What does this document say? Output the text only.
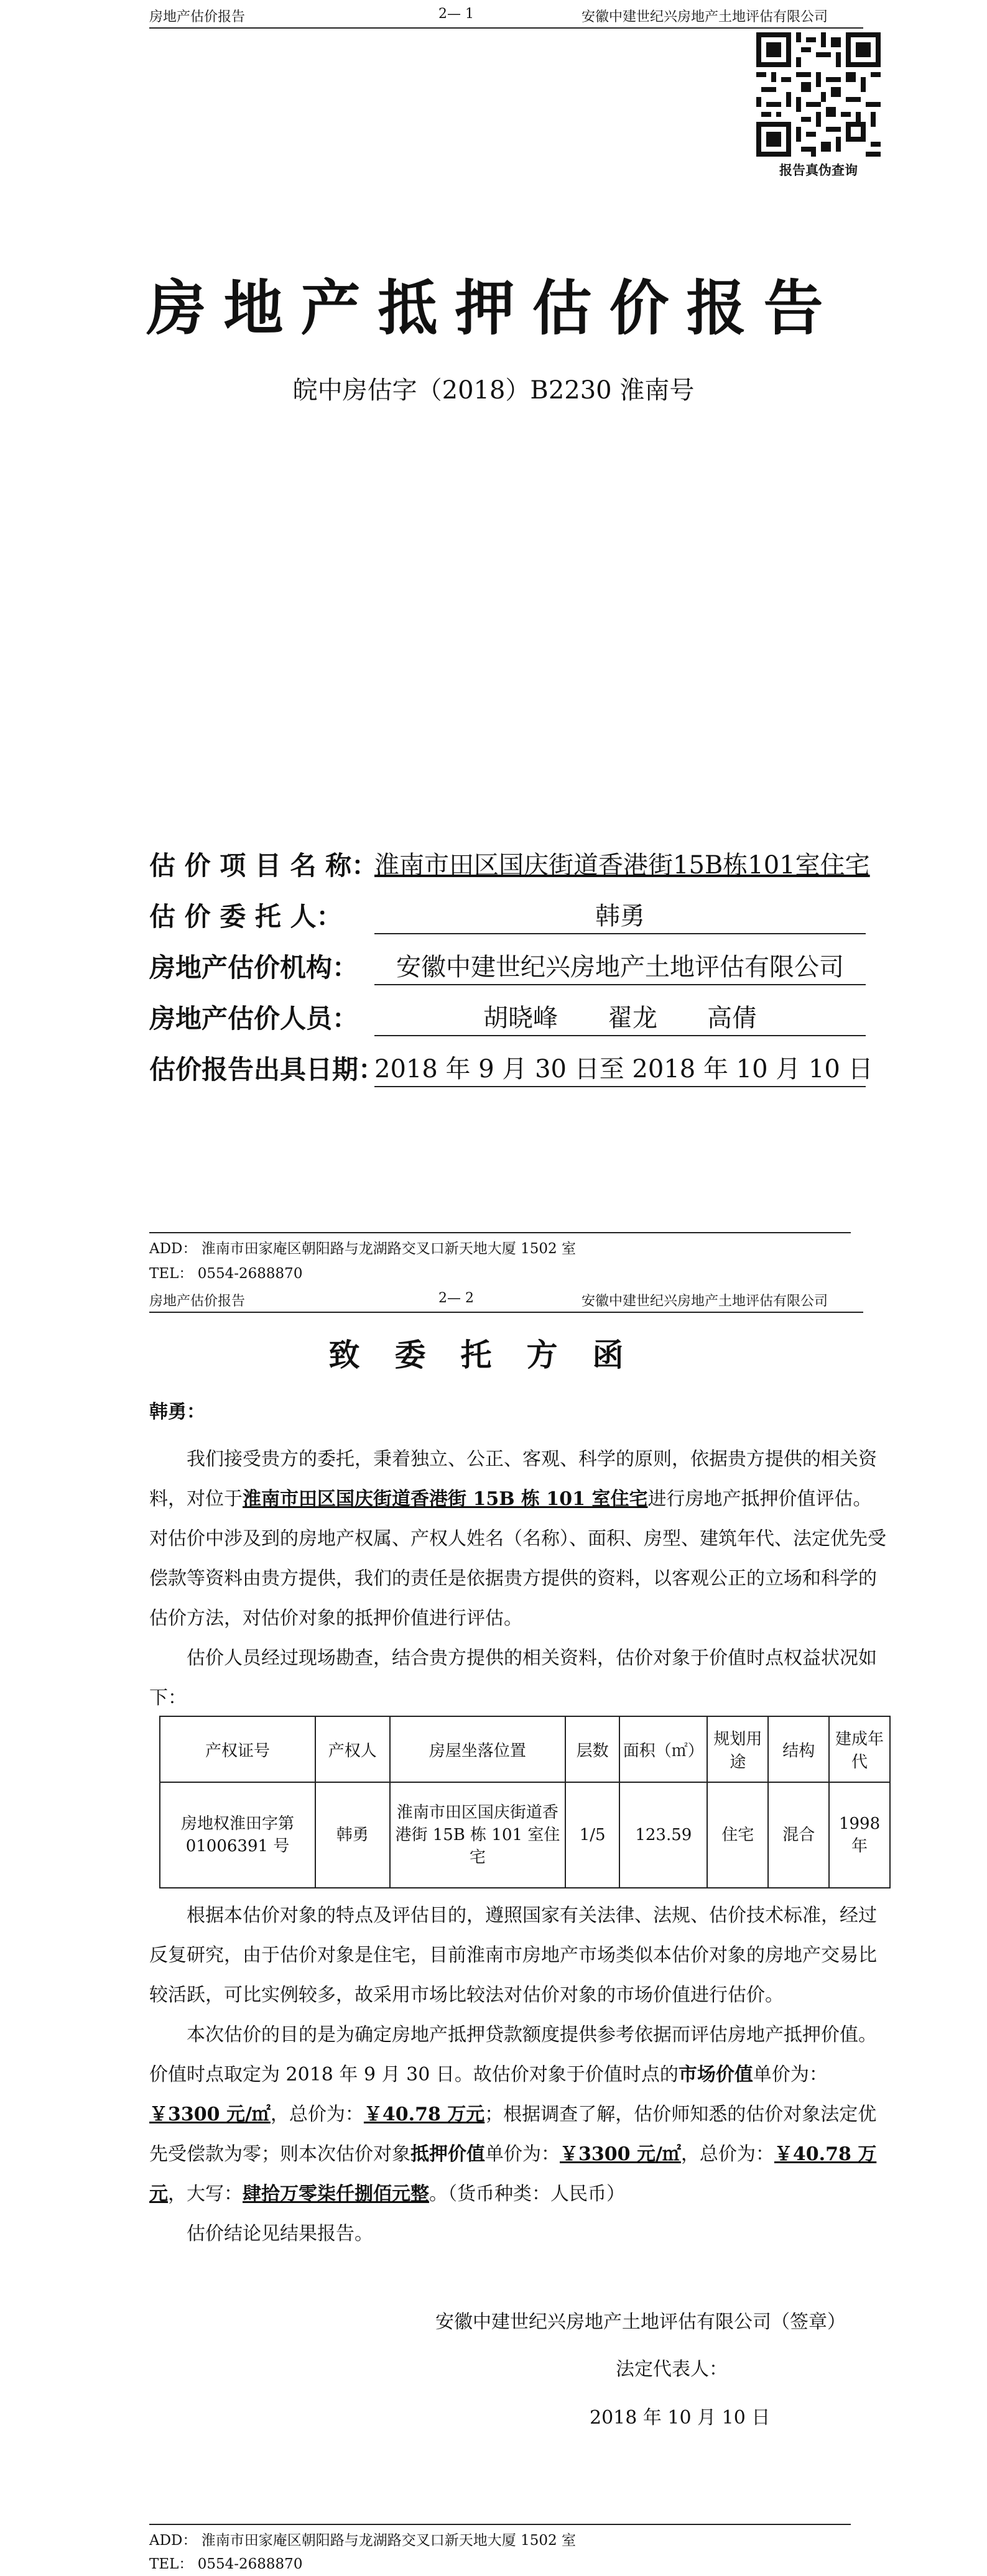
房地产估价报告	2— 1	安徽中建世纪兴房地产土地评估有限公司
报告真伪查询
房地产抵押估价报告
皖中房估字（2018）B2230 淮南号
估 价 项 目 名 称：
淮南市田区国庆街道香港街15B栋101室住宅
估 价 委 托 人：	韩勇
房地产估价机构：	安徽中建世纪兴房地产土地评估有限公司
房地产估价人员：	胡晓峰　　翟龙　　高倩
估价报告出具日期：
2018 年 9 月 30 日至 2018 年 10 月 10 日
ADD： 淮南市田家庵区朝阳路与龙湖路交叉口新天地大厦 1502 室
TEL： 0554-2688870
房地产估价报告	2— 2	安徽中建世纪兴房地产土地评估有限公司
致委托方函
韩勇：

我们接受贵方的委托，秉着独立、公正、客观、科学的原则，依据贵方提供的相关资料，对位于淮南市田区国庆街道香港街 15B 栋 101 室住宅进行房地产抵押价值评估。对估价中涉及到的房地产权属、产权人姓名（名称）、面积、房型、建筑年代、法定优先受偿款等资料由贵方提供，我们的责任是依据贵方提供的资料，以客观公正的立场和科学的估价方法，对估价对象的抵押价值进行评估。

估价人员经过现场勘查，结合贵方提供的相关资料，估价对象于价值时点权益状况如下：

产权证号	产权人	房屋坐落位置	层数	面积（㎡）	规划用途	结构	建成年代
房地权淮田字第 01006391 号	韩勇	淮南市田区国庆街道香港街 15B 栋 101 室住宅	1/5	123.59	住宅	混合	1998 年

根据本估价对象的特点及评估目的，遵照国家有关法律、法规、估价技术标准，经过反复研究，由于估价对象是住宅，目前淮南市房地产市场类似本估价对象的房地产交易比较活跃，可比实例较多，故采用市场比较法对估价对象的市场价值进行估价。

本次估价的目的是为确定房地产抵押贷款额度提供参考依据而评估房地产抵押价值。价值时点取定为 2018 年 9 月 30 日。故估价对象于价值时点的市场价值单价为：￥3300 元/㎡，总价为：￥40.78 万元；根据调查了解，估价师知悉的估价对象法定优先受偿款为零；则本次估价对象抵押价值单价为：￥3300 元/㎡，总价为：￥40.78 万元，大写：肆拾万零柒仟捌佰元整。（货币种类：人民币）

估价结论见结果报告。

安徽中建世纪兴房地产土地评估有限公司（签章）
法定代表人：
2018 年 10 月 10 日
ADD： 淮南市田家庵区朝阳路与龙湖路交叉口新天地大厦 1502 室
TEL： 0554-2688870
